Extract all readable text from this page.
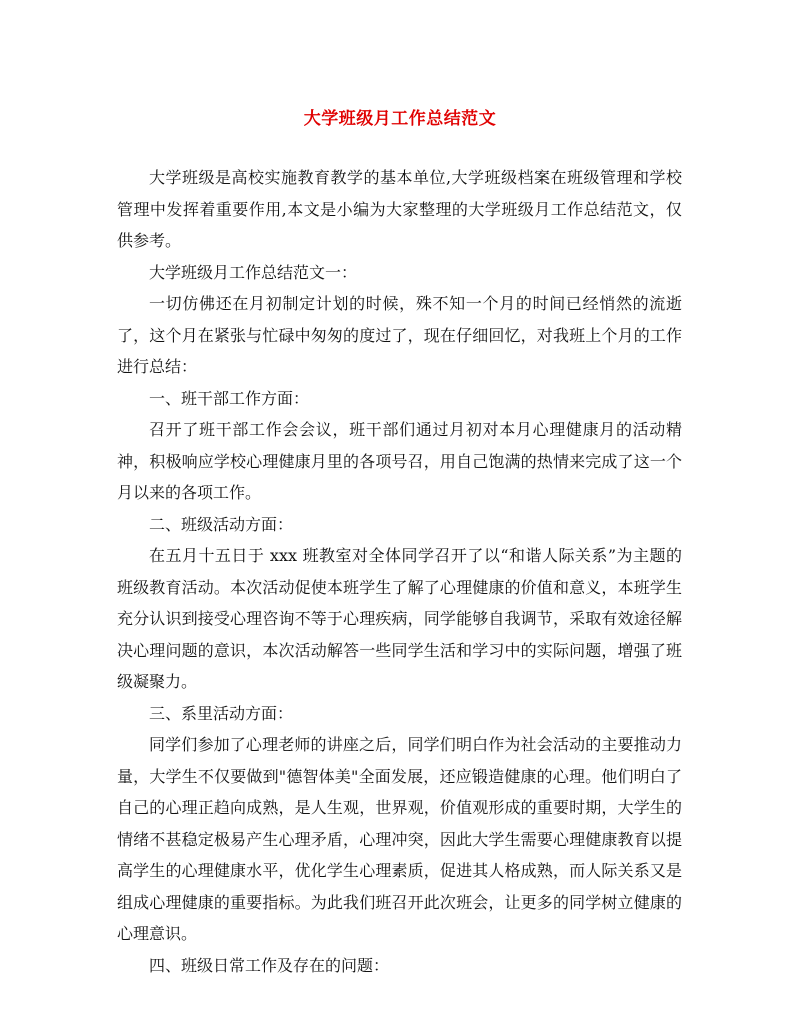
大学班级月工作总结范文

大学班级是高校实施教育教学的基本单位,大学班级档案在班级管理和学校管理中发挥着重要作用,本文是小编为大家整理的大学班级月工作总结范文，仅供参考。

大学班级月工作总结范文一：

一切仿佛还在月初制定计划的时候，殊不知一个月的时间已经悄然的流逝了，这个月在紧张与忙碌中匆匆的度过了，现在仔细回忆，对我班上个月的工作进行总结：

一、班干部工作方面：

召开了班干部工作会会议，班干部们通过月初对本月心理健康月的活动精神，积极响应学校心理健康月里的各项号召，用自己饱满的热情来完成了这一个月以来的各项工作。

二、班级活动方面：

在五月十五日于 xxx 班教室对全体同学召开了以“和谐人际关系”为主题的班级教育活动。本次活动促使本班学生了解了心理健康的价值和意义，本班学生充分认识到接受心理咨询不等于心理疾病，同学能够自我调节，采取有效途径解决心理问题的意识，本次活动解答一些同学生活和学习中的实际问题，增强了班级凝聚力。

三、系里活动方面：

同学们参加了心理老师的讲座之后，同学们明白作为社会活动的主要推动力量，大学生不仅要做到"德智体美"全面发展，还应锻造健康的心理。他们明白了自己的心理正趋向成熟，是人生观，世界观，价值观形成的重要时期，大学生的情绪不甚稳定极易产生心理矛盾，心理冲突，因此大学生需要心理健康教育以提高学生的心理健康水平，优化学生心理素质，促进其人格成熟，而人际关系又是组成心理健康的重要指标。为此我们班召开此次班会，让更多的同学树立健康的心理意识。

四、班级日常工作及存在的问题：
